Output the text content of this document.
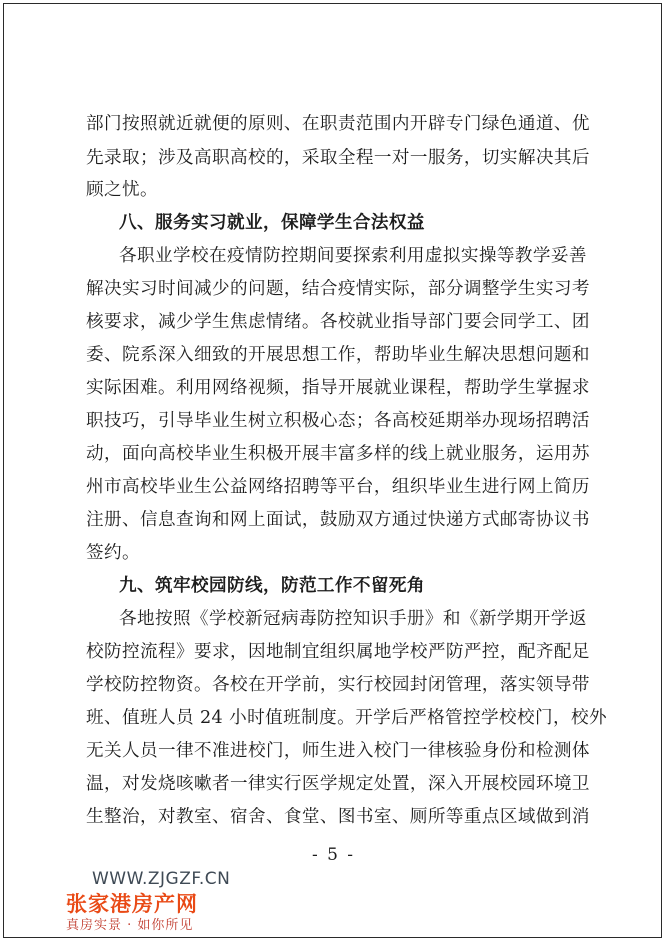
部门按照就近就便的原则、在职责范围内开辟专门绿色通道、优
先录取；涉及高职高校的，采取全程一对一服务，切实解决其后
顾之忧。
八、服务实习就业，保障学生合法权益
各职业学校在疫情防控期间要探索利用虚拟实操等教学妥善
解决实习时间减少的问题，结合疫情实际，部分调整学生实习考
核要求，减少学生焦虑情绪。各校就业指导部门要会同学工、团
委、院系深入细致的开展思想工作，帮助毕业生解决思想问题和
实际困难。利用网络视频，指导开展就业课程，帮助学生掌握求
职技巧，引导毕业生树立积极心态；各高校延期举办现场招聘活
动，面向高校毕业生积极开展丰富多样的线上就业服务，运用苏
州市高校毕业生公益网络招聘等平台，组织毕业生进行网上简历
注册、信息查询和网上面试，鼓励双方通过快递方式邮寄协议书
签约。
九、筑牢校园防线，防范工作不留死角
各地按照《学校新冠病毒防控知识手册》和《新学期开学返
校防控流程》要求，因地制宜组织属地学校严防严控，配齐配足
学校防控物资。各校在开学前，实行校园封闭管理，落实领导带
班、值班人员 24 小时值班制度。开学后严格管控学校校门，校外
无关人员一律不准进校门，师生进入校门一律核验身份和检测体
温，对发烧咳嗽者一律实行医学规定处置，深入开展校园环境卫
生整治，对教室、宿舍、食堂、图书室、厕所等重点区域做到消
- 5 -
WWW.ZJGZF.CN
张家港房产网
真房实景 · 如你所见
